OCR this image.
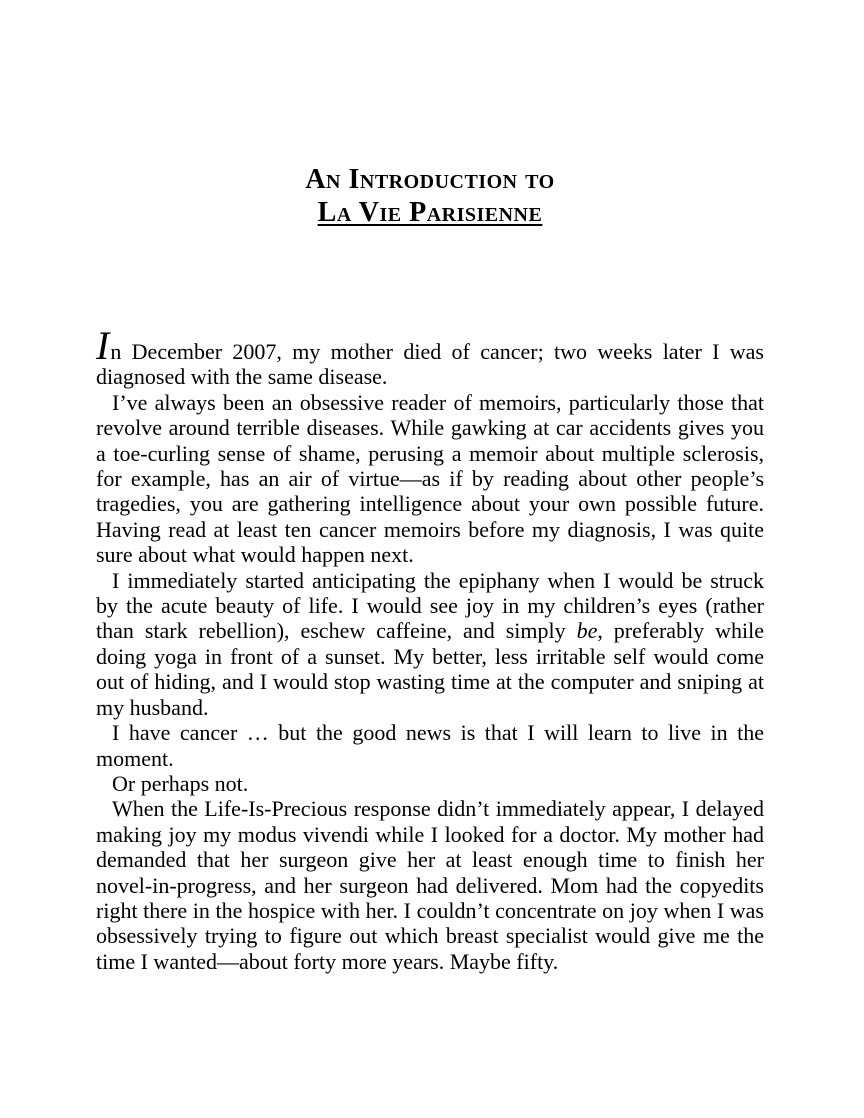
An Introduction to
La Vie Parisienne

In December 2007, my mother died of cancer; two weeks later I was diagnosed with the same disease.

I’ve always been an obsessive reader of memoirs, particularly those that revolve around terrible diseases. While gawking at car accidents gives you a toe-curling sense of shame, perusing a memoir about multiple sclerosis, for example, has an air of virtue—as if by reading about other people’s tragedies, you are gathering intelligence about your own possible future. Having read at least ten cancer memoirs before my diagnosis, I was quite sure about what would happen next.

I immediately started anticipating the epiphany when I would be struck by the acute beauty of life. I would see joy in my children’s eyes (rather than stark rebellion), eschew caffeine, and simply be, preferably while doing yoga in front of a sunset. My better, less irritable self would come out of hiding, and I would stop wasting time at the computer and sniping at my husband.

I have cancer … but the good news is that I will learn to live in the moment.

Or perhaps not.

When the Life-Is-Precious response didn’t immediately appear, I delayed making joy my modus vivendi while I looked for a doctor. My mother had demanded that her surgeon give her at least enough time to finish her novel-in-progress, and her surgeon had delivered. Mom had the copyedits right there in the hospice with her. I couldn’t concentrate on joy when I was obsessively trying to figure out which breast specialist would give me the time I wanted—about forty more years. Maybe fifty.
